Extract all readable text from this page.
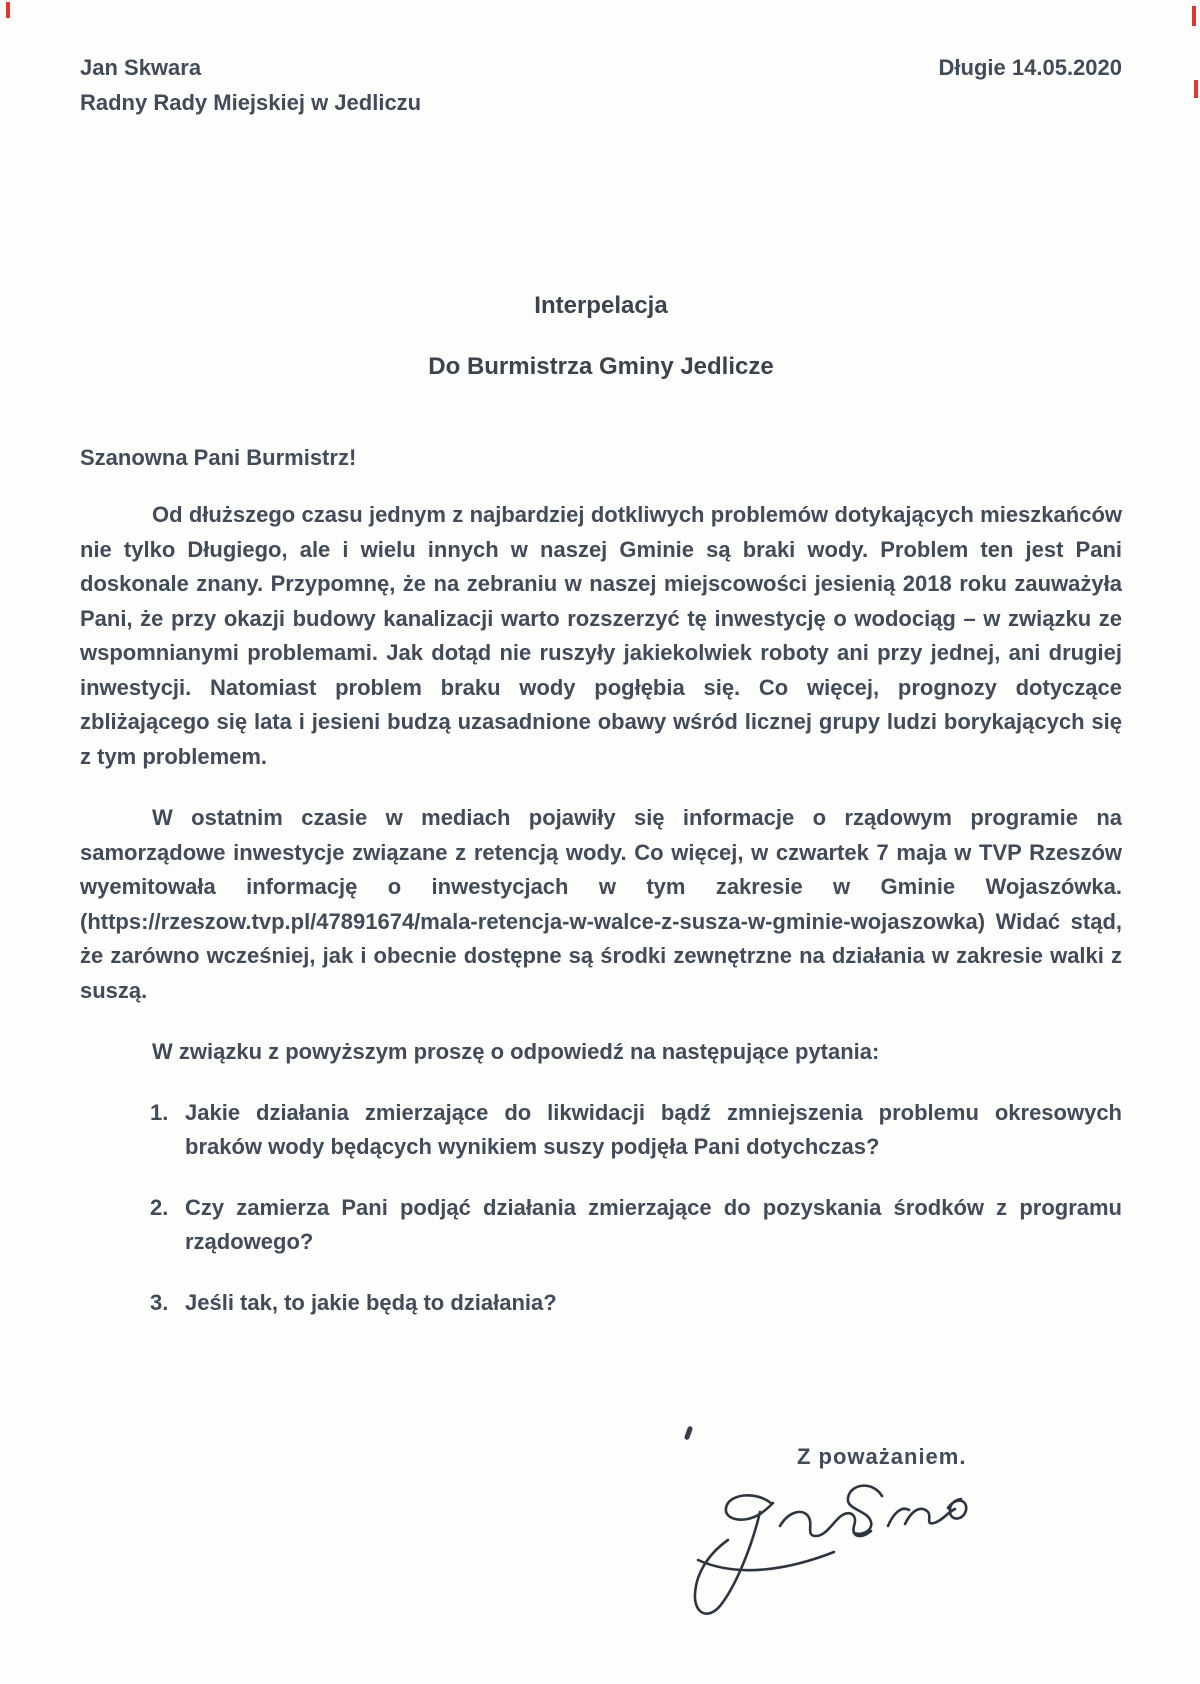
Jan Skwara
Radny Rady Miejskiej w Jedliczu
Długie 14.05.2020
Interpelacja
Do Burmistrza Gminy Jedlicze
Szanowna Pani Burmistrz!

Od dłuższego czasu jednym z najbardziej dotkliwych problemów dotykających mieszkańców nie tylko Długiego, ale i wielu innych w naszej Gminie są braki wody. Problem ten jest Pani doskonale znany. Przypomnę, że na zebraniu w naszej miejscowości jesienią 2018 roku zauważyła Pani, że przy okazji budowy kanalizacji warto rozszerzyć tę inwestycję o wodociąg – w związku ze wspomnianymi problemami. Jak dotąd nie ruszyły jakiekolwiek roboty ani przy jednej, ani drugiej inwestycji. Natomiast problem braku wody pogłębia się. Co więcej, prognozy dotyczące zbliżającego się lata i jesieni budzą uzasadnione obawy wśród licznej grupy ludzi borykających się z tym problemem.

W ostatnim czasie w mediach pojawiły się informacje o rządowym programie na samorządowe inwestycje związane z retencją wody. Co więcej, w czwartek 7 maja w TVP Rzeszów wyemitowała informację o inwestycjach w tym zakresie w Gminie Wojaszówka. (https://rzeszow.tvp.pl/47891674/mala-retencja-w-walce-z-susza-w-gminie-wojaszowka) Widać stąd, że zarówno wcześniej, jak i obecnie dostępne są środki zewnętrzne na działania w zakresie walki z suszą.

W związku z powyższym proszę o odpowiedź na następujące pytania:
1. Jakie działania zmierzające do likwidacji bądź zmniejszenia problemu okresowych braków wody będących wynikiem suszy podjęła Pani dotychczas?
2. Czy zamierza Pani podjąć działania zmierzające do pozyskania środków z programu rządowego?
3. Jeśli tak, to jakie będą to działania?
Z poważaniem.
